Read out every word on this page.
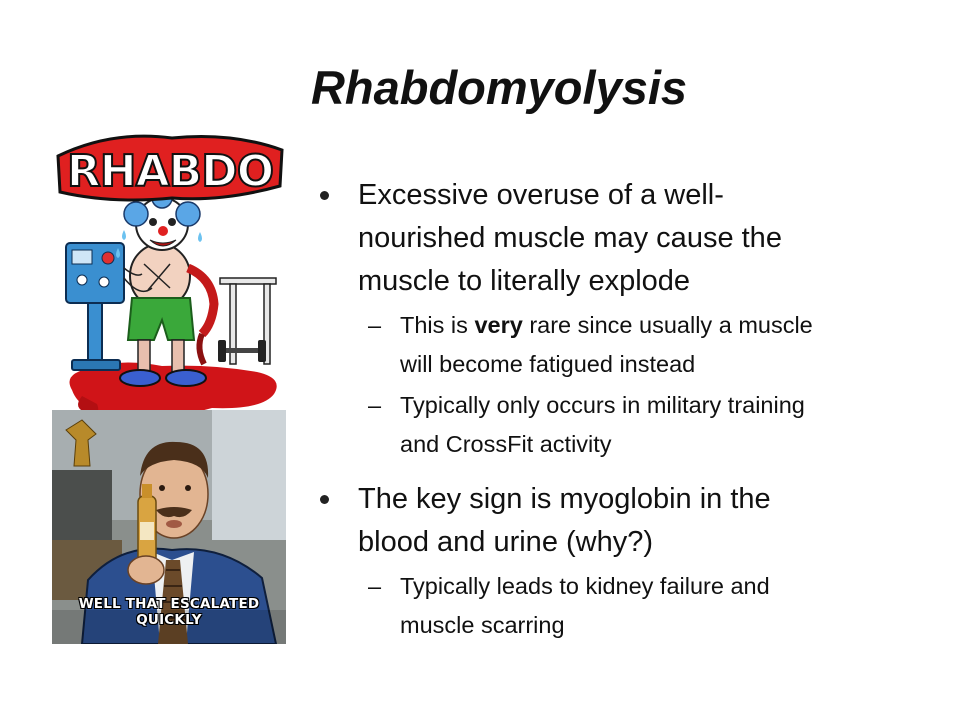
Rhabdomyolysis
RHABDO
WELL THAT ESCALATED QUICKLY
Excessive overuse of a well-
nourished muscle may cause the
muscle to literally explode
– This is very rare since usually a muscle
will become fatigued instead
– Typically only occurs in military training
and CrossFit activity
The key sign is myoglobin in the
blood and urine (why?)
– Typically leads to kidney failure and
muscle scarring
